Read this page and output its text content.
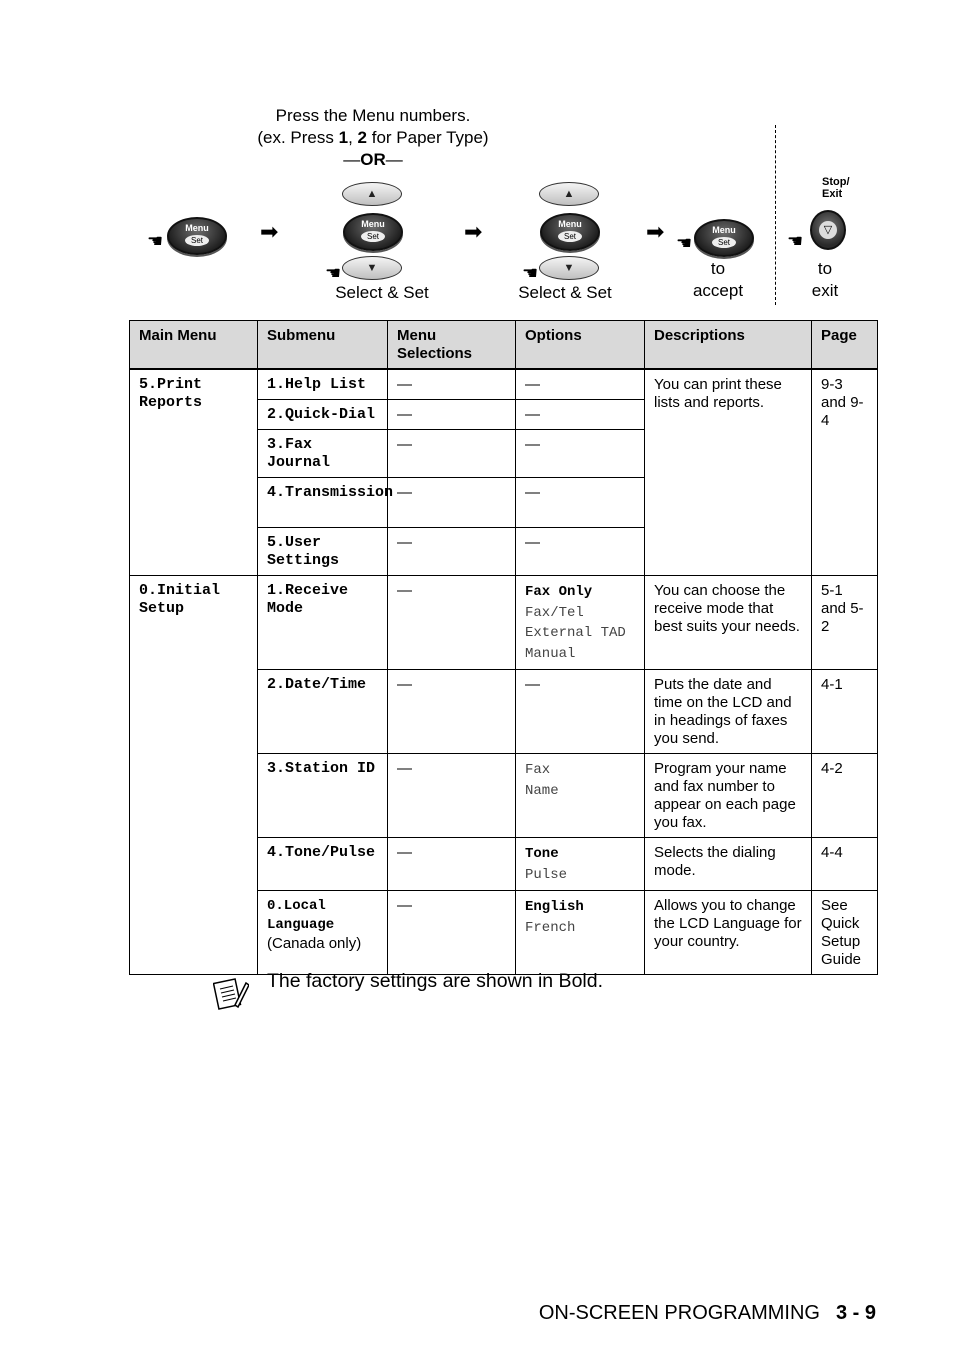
Press the Menu numbers.
(ex. Press 1, 2 for Paper Type)
—OR—
Menu
Set
☚	➡
▲
Menu
Set
▼
☚
Select & Set
➡
▲
Menu
Set
▼
☚
Select & Set
➡	Menu
Set
☚
to
accept
Stop/
Exit
▽
☚
to
exit
Main Menu	Submenu	Menu Selections	Options	Descriptions	Page
5.Print Reports	1.Help List	—	—	You can print these lists and reports.	9-3 and 9-4
	2.Quick-Dial	—	—		
	3.Fax Journal	—	—		
	4.Transmission	—	—		
	5.User Settings	—	—		
0.Initial Setup	1.Receive Mode	—	Fax Only
Fax/Tel
External TAD
Manual	You can choose the receive mode that best suits your needs.	5-1 and 5-2
	2.Date/Time	—	—	Puts the date and time on the LCD and in headings of faxes you send.	4-1
	3.Station ID	—	Fax
Name	Program your name and fax number to appear on each page you fax.	4-2
	4.Tone/Pulse	—	Tone
Pulse	Selects the dialing mode.	4-4

	0.Local Language
(Canada only)	—	English
French	Allows you to change the LCD Language for your country.	See Quick Setup Guide
The factory settings are shown in Bold.
ON-SCREEN PROGRAMMING 3 - 9
